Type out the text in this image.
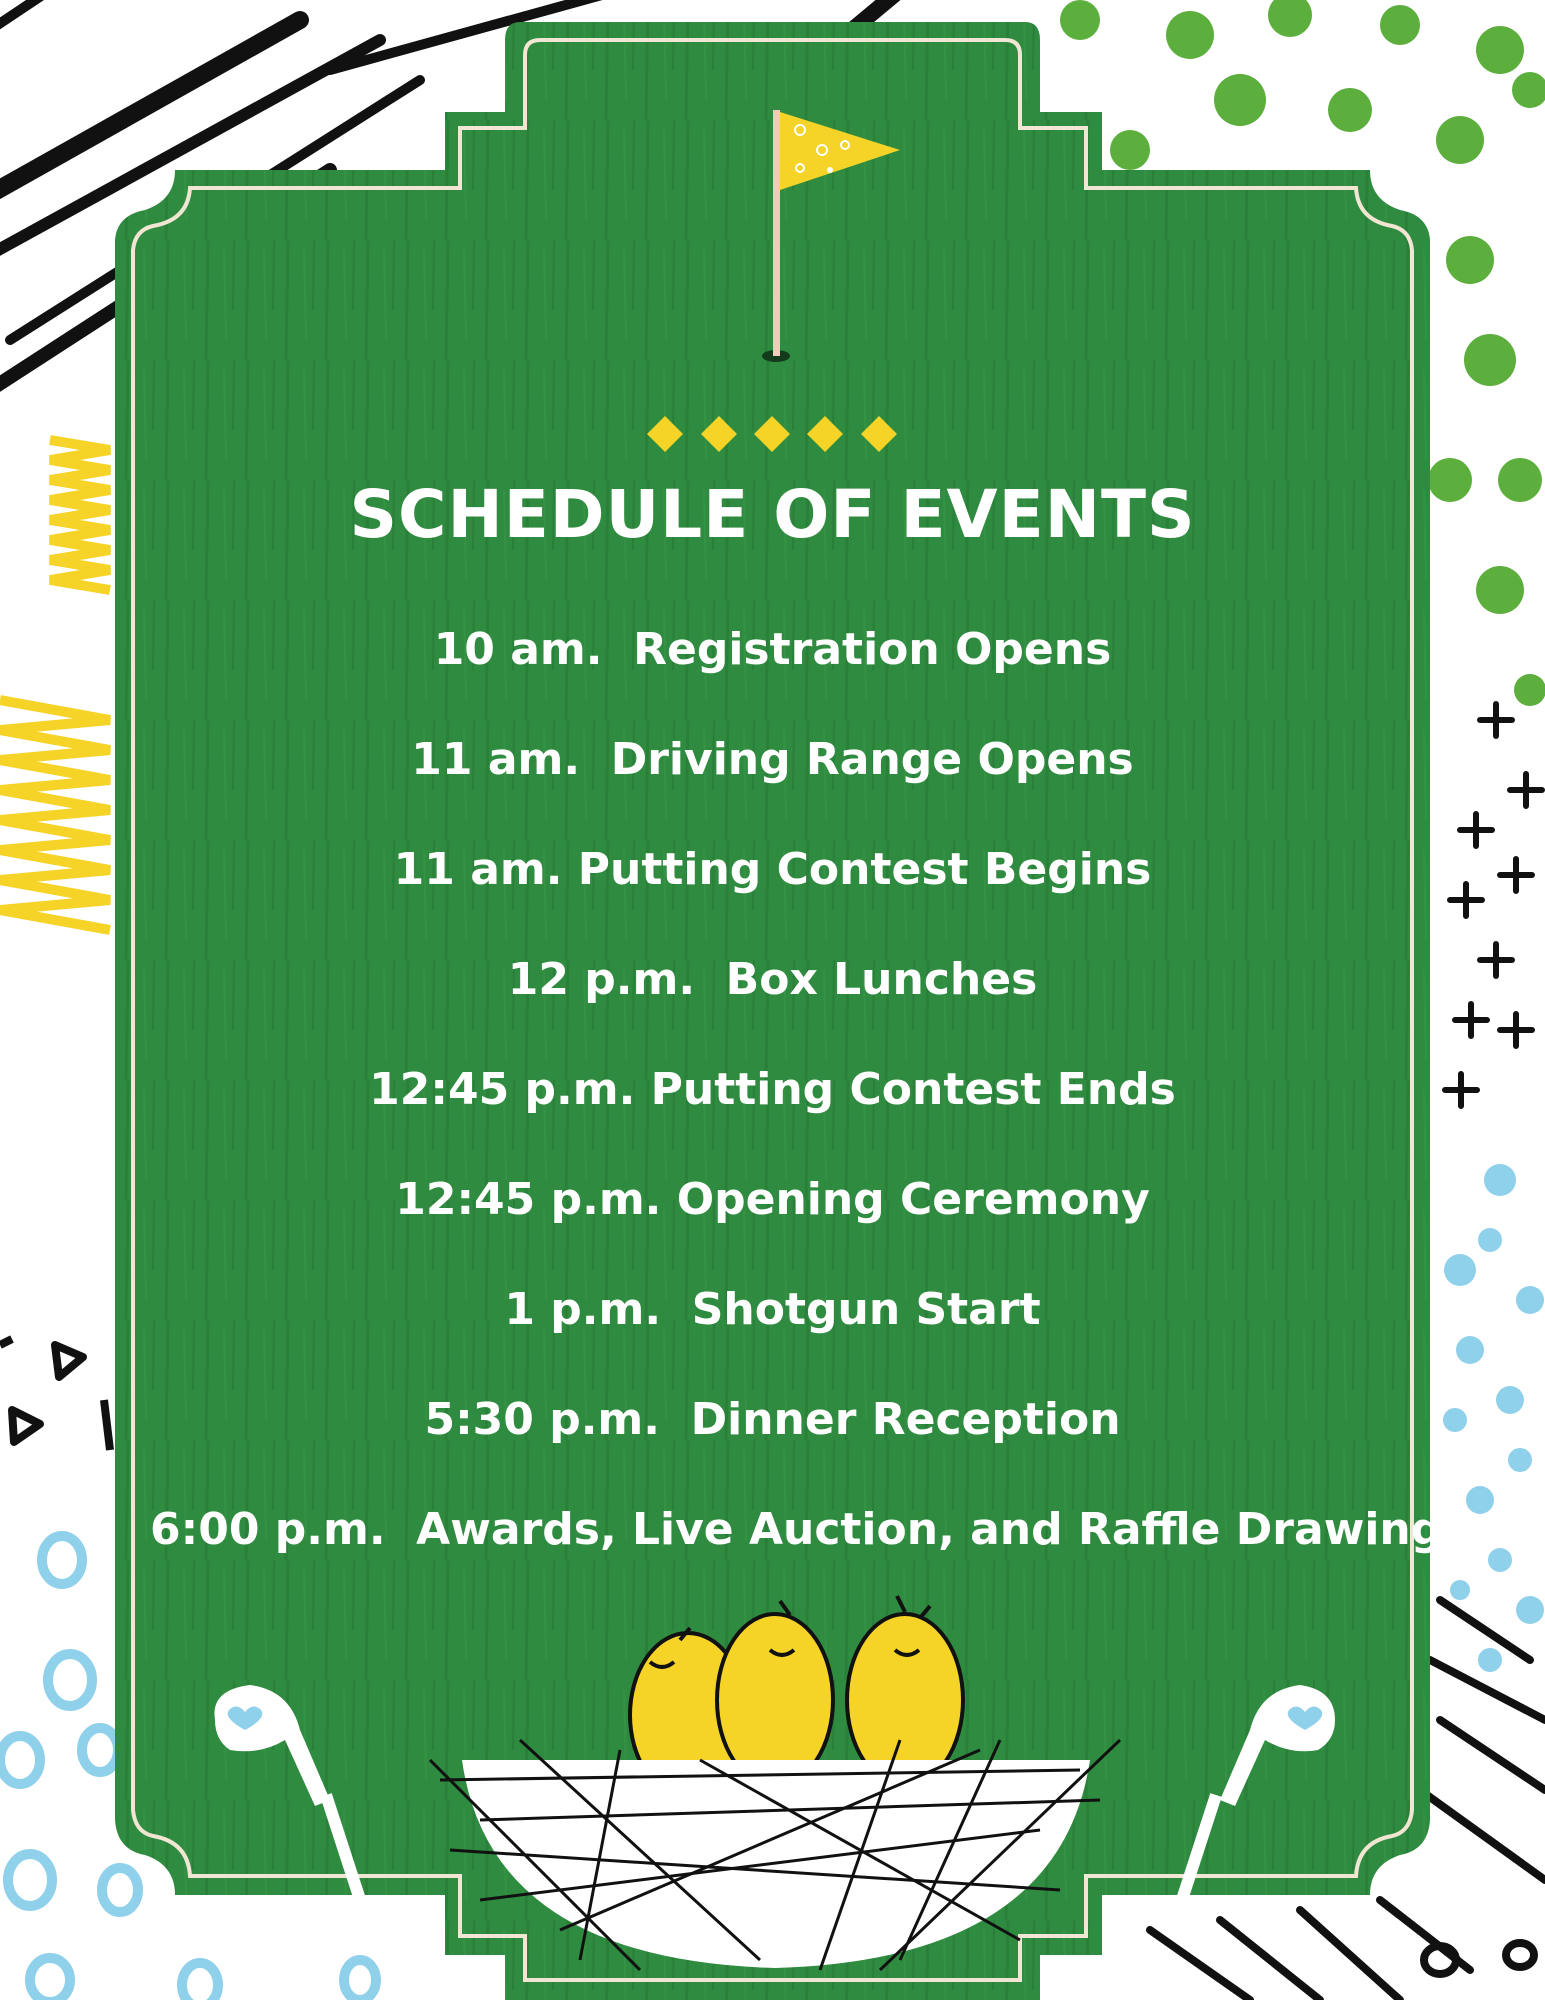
SCHEDULE OF EVENTS
10 am.  Registration Opens
11 am.  Driving Range Opens
11 am. Putting Contest Begins
12 p.m.  Box Lunches
12:45 p.m. Putting Contest Ends
12:45 p.m. Opening Ceremony
1 p.m.  Shotgun Start
5:30 p.m.  Dinner Reception
6:00 p.m.  Awards, Live Auction, and Raffle Drawing
